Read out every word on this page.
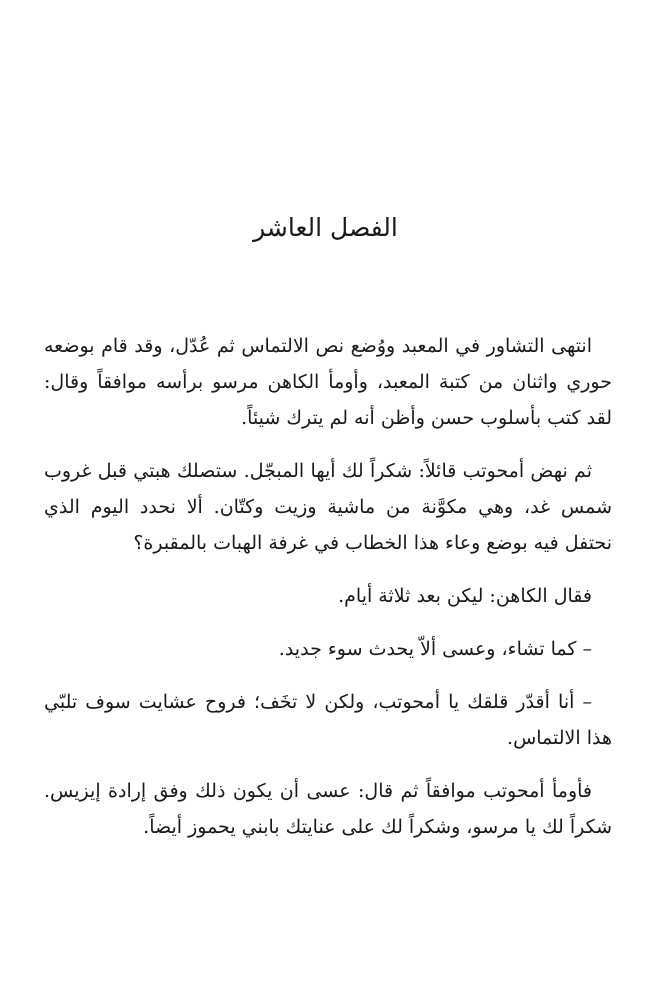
الفصل العاشر

انتهى التشاور في المعبد ووُضع نص الالتماس ثم عُدّل، وقد قام بوضعه حوري واثنان من كتبة المعبد، وأومأ الكاهن مرسو برأسه موافقاً وقال: لقد كتب بأسلوب حسن وأظن أنه لم يترك شيئاً.

ثم نهض أمحوتب قائلاً: شكراً لك أيها المبجّل. ستصلك هبتي قبل غروب شمس غد، وهي مكوَّنة من ماشية وزيت وكتّان. ألا نحدد اليوم الذي نحتفل فيه بوضع وعاء هذا الخطاب في غرفة الهبات بالمقبرة؟

فقال الكاهن: ليكن بعد ثلاثة أيام.

– كما تشاء، وعسى ألاّ يحدث سوء جديد.

– أنا أقدّر قلقك يا أمحوتب، ولكن لا تخَف؛ فروح عشايت سوف تلبّي هذا الالتماس.

فأومأ أمحوتب موافقاً ثم قال: عسى أن يكون ذلك وفق إرادة إيزيس. شكراً لك يا مرسو، وشكراً لك على عنايتك بابني يحموز أيضاً.
